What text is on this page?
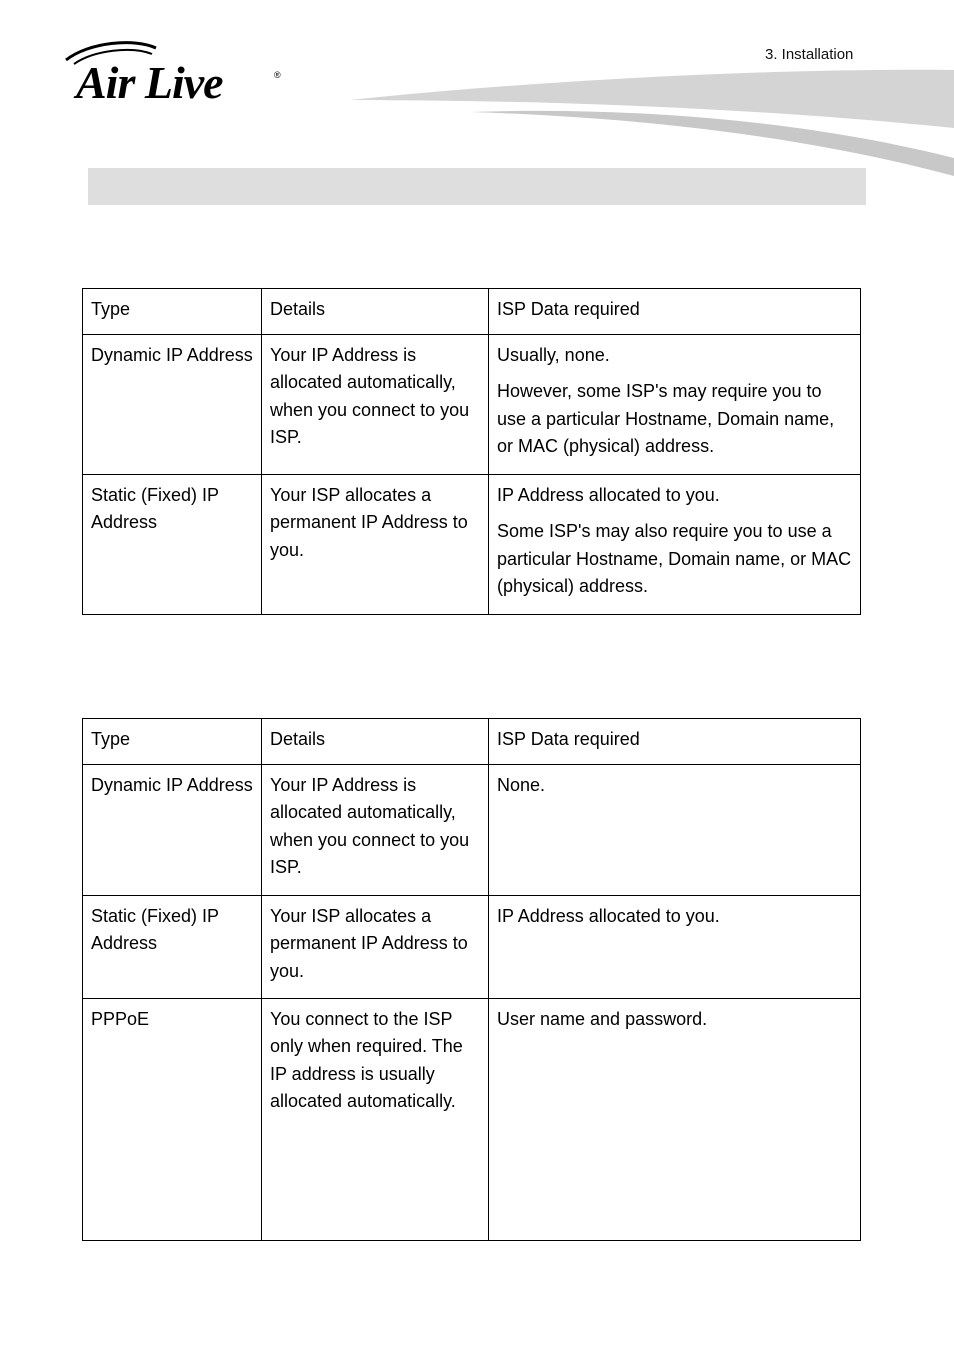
Air Live	®
3. Installation
Type	Details	ISP Data required
Dynamic IP Address	Your IP Address is allocated automatically, when you connect to you ISP.	Usually, none.

However, some ISP's may require you to use a particular Hostname, Domain name, or MAC (physical) address.

Static (Fixed) IP Address	Your ISP allocates a permanent IP Address to you.	IP Address allocated to you.

Some ISP's may also require you to use a particular Hostname, Domain name, or MAC (physical) address.

Type	Details	ISP Data required
Dynamic IP Address	Your IP Address is allocated automatically, when you connect to you ISP.	None.
Static (Fixed) IP Address	Your ISP allocates a permanent IP Address to you.	IP Address allocated to you.
PPPoE	You connect to the ISP only when required. The IP address is usually allocated automatically.	User name and password.
